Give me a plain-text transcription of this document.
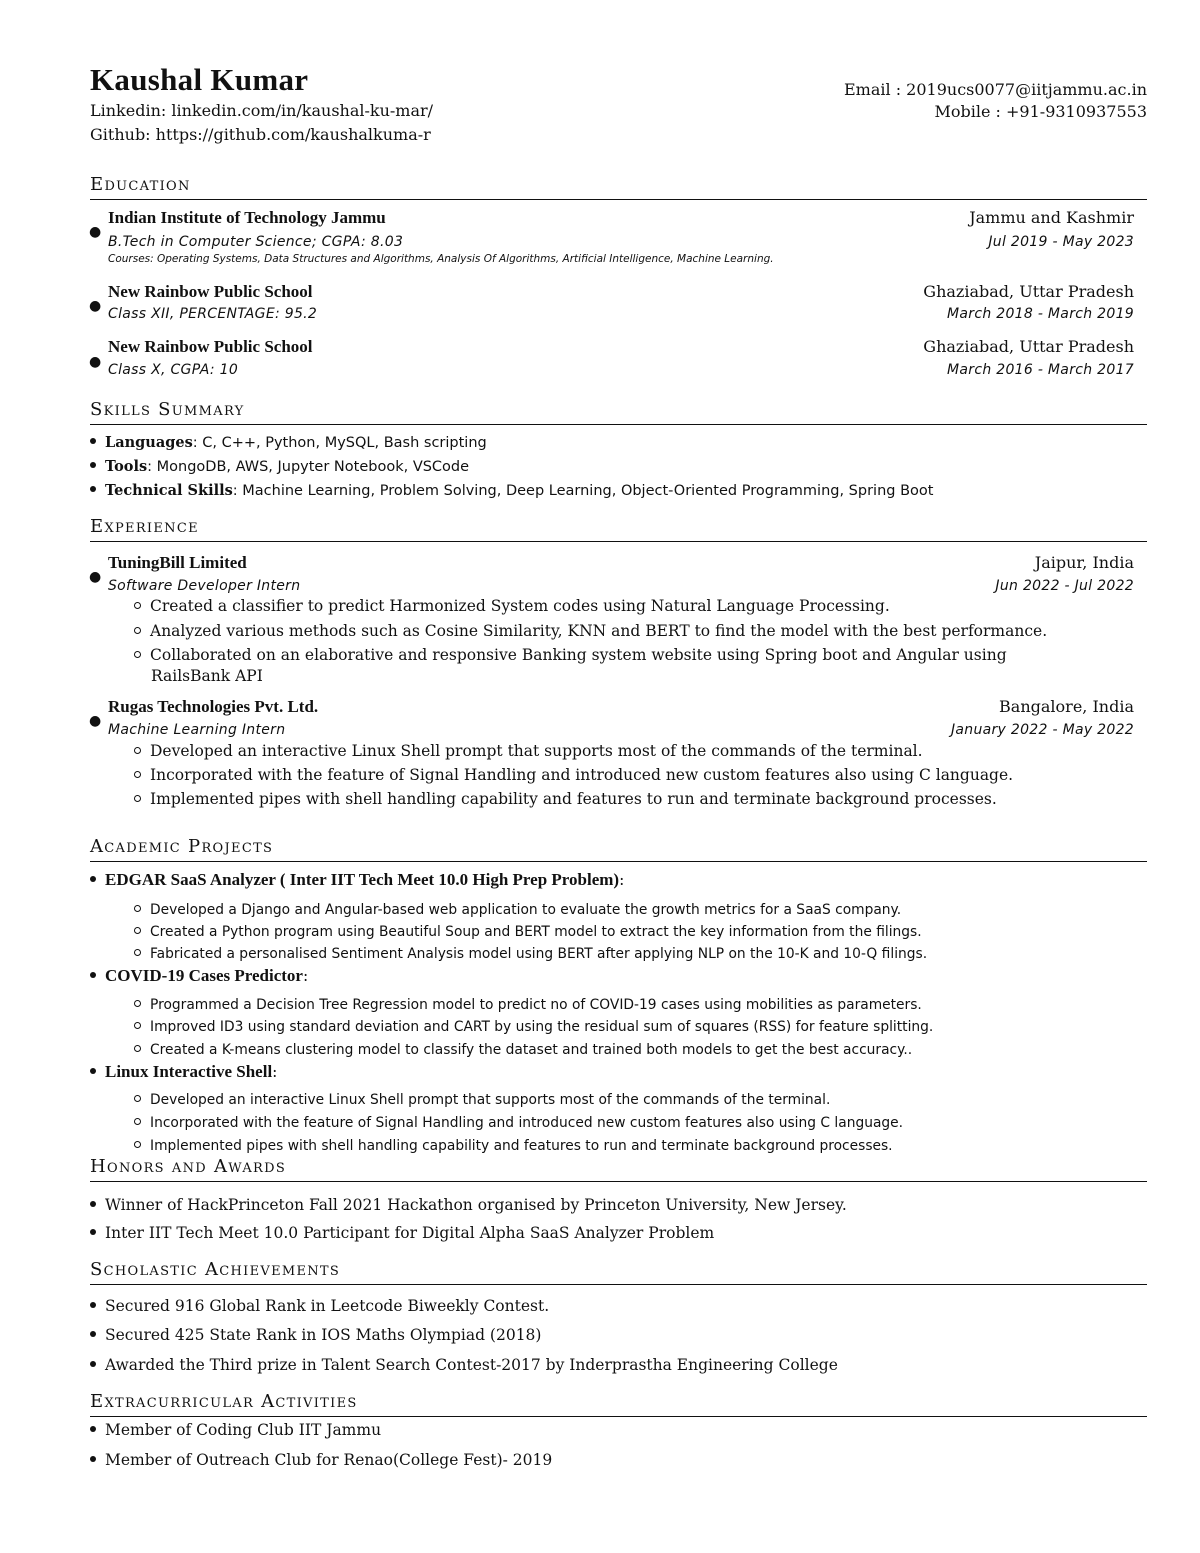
Kaushal Kumar
Linkedin: linkedin.com/in/kaushal-ku-mar/
Github: https://github.com/kaushalkuma-r
Email : 2019ucs0077@iitjammu.ac.in
Mobile : +91-9310937553
Education
●
Indian Institute of Technology Jammu	Jammu and Kashmir
B.Tech in Computer Science; CGPA: 8.03	Jul 2019 - May 2023
Courses: Operating Systems, Data Structures and Algorithms, Analysis Of Algorithms, Artificial Intelligence, Machine Learning.
●
New Rainbow Public School	Ghaziabad, Uttar Pradesh
Class XII, PERCENTAGE: 95.2	March 2018 - March 2019
●
New Rainbow Public School	Ghaziabad, Uttar Pradesh
Class X, CGPA: 10	March 2016 - March 2017
Skills Summary
Languages: C, C++, Python, MySQL, Bash scripting
Tools: MongoDB, AWS, Jupyter Notebook, VSCode
Technical Skills: Machine Learning, Problem Solving, Deep Learning, Object-Oriented Programming, Spring Boot
Experience
●
TuningBill Limited	Jaipur, India
Software Developer Intern	Jun 2022 - Jul 2022
Created a classifier to predict Harmonized System codes using Natural Language Processing.
Analyzed various methods such as Cosine Similarity, KNN and BERT to find the model with the best performance.
Collaborated on an elaborative and responsive Banking system website using Spring boot and Angular using
RailsBank API
●
Rugas Technologies Pvt. Ltd.	Bangalore, India
Machine Learning Intern	January 2022 - May 2022
Developed an interactive Linux Shell prompt that supports most of the commands of the terminal.
Incorporated with the feature of Signal Handling and introduced new custom features also using C language.
Implemented pipes with shell handling capability and features to run and terminate background processes.
Academic Projects
EDGAR SaaS Analyzer ( Inter IIT Tech Meet 10.0 High Prep Problem):
Developed a Django and Angular-based web application to evaluate the growth metrics for a SaaS company.
Created a Python program using Beautiful Soup and BERT model to extract the key information from the filings.
Fabricated a personalised Sentiment Analysis model using BERT after applying NLP on the 10-K and 10-Q filings.
COVID-19 Cases Predictor:
Programmed a Decision Tree Regression model to predict no of COVID-19 cases using mobilities as parameters.
Improved ID3 using standard deviation and CART by using the residual sum of squares (RSS) for feature splitting.
Created a K-means clustering model to classify the dataset and trained both models to get the best accuracy..
Linux Interactive Shell:
Developed an interactive Linux Shell prompt that supports most of the commands of the terminal.
Incorporated with the feature of Signal Handling and introduced new custom features also using C language.
Implemented pipes with shell handling capability and features to run and terminate background processes.
Honors and Awards
Winner of HackPrinceton Fall 2021 Hackathon organised by Princeton University, New Jersey.
Inter IIT Tech Meet 10.0 Participant for Digital Alpha SaaS Analyzer Problem
Scholastic Achievements
Secured 916 Global Rank in Leetcode Biweekly Contest.
Secured 425 State Rank in IOS Maths Olympiad (2018)
Awarded the Third prize in Talent Search Contest-2017 by Inderprastha Engineering College
Extracurricular Activities
Member of Coding Club IIT Jammu
Member of Outreach Club for Renao(College Fest)- 2019
